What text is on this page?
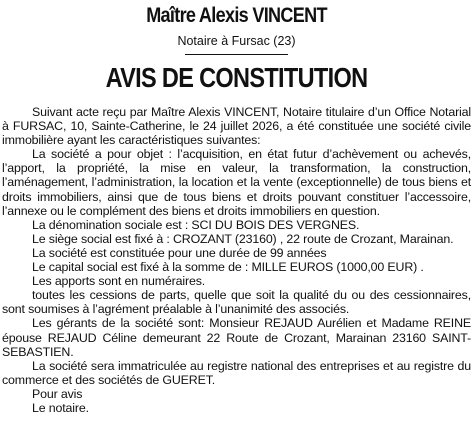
Maître Alexis VINCENT
Notaire à Fursac (23)
AVIS DE CONSTITUTION

Suivant acte reçu par Maître Alexis VINCENT, Notaire titulaire d’un Office Notarial à FURSAC, 10, Sainte-Catherine, le 24 juillet 2026, a été constituée une société civile immobilière ayant les caractéristiques suivantes:

La société a pour objet : l’acquisition, en état futur d’achèvement ou achevés, l’apport, la propriété, la mise en valeur, la transformation, la construction, l’aménagement, l’administration, la location et la vente (exceptionnelle) de tous biens et droits immobiliers, ainsi que de tous biens et droits pouvant constituer l’accessoire, l’annexe ou le complément des biens et droits immobiliers en question.

La dénomination sociale est : SCI DU BOIS DES VERGNES.

Le siège social est fixé à : CROZANT (23160) , 22 route de Crozant, Marainan.

La société est constituée pour une durée de 99 années

Le capital social est fixé à la somme de : MILLE EUROS (1000,00 EUR) .

Les apports sont en numéraires.

toutes les cessions de parts, quelle que soit la qualité du ou des cessionnaires, sont soumises à l’agrément préalable à l’unanimité des associés.

Les gérants de la société sont: Monsieur REJAUD Aurélien et Madame REINE épouse REJAUD Céline demeurant 22 Route de Crozant, Marainan 23160 SAINT-SEBASTIEN.

La société sera immatriculée au registre national des entreprises et au registre du commerce et des sociétés de GUERET.

Pour avis

Le notaire.
